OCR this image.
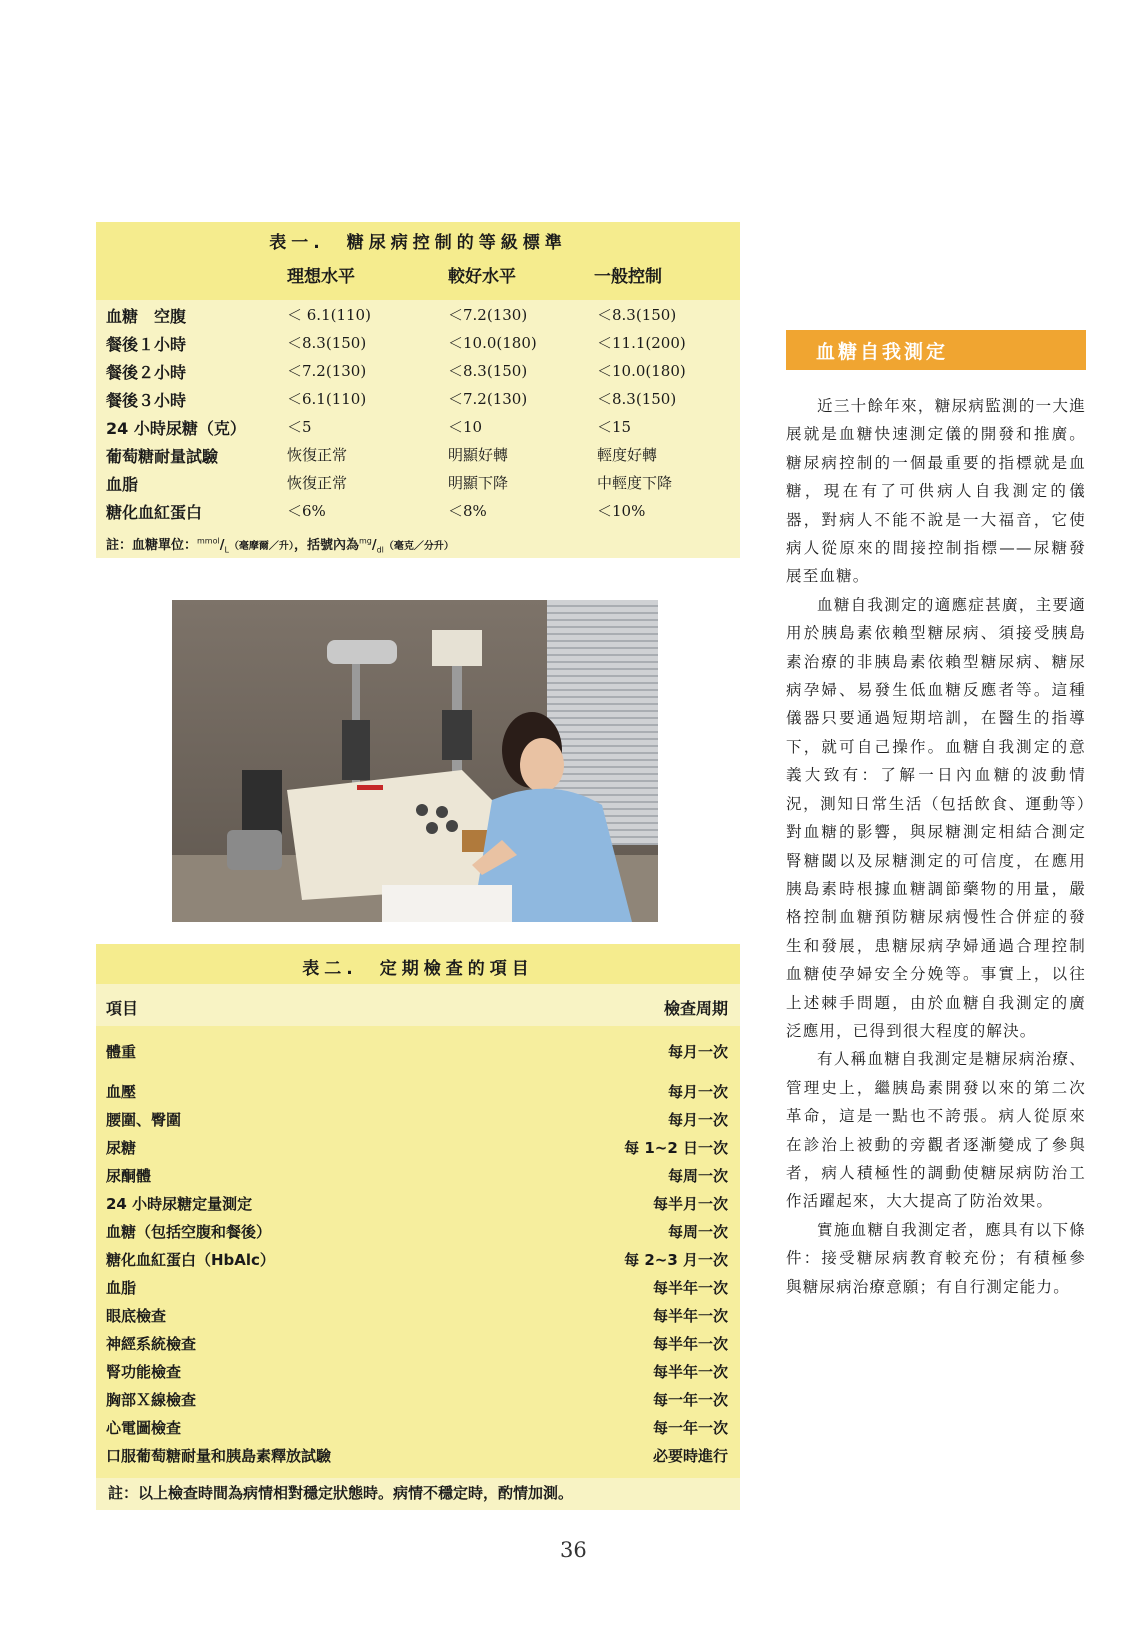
表一.　糖尿病控制的等級標準
理想水平	較好水平	一般控制
血糖　空腹	＜ 6.1(110)	＜7.2(130)	＜8.3(150)
餐後１小時	＜8.3(150)	＜10.0(180)	＜11.1(200)
餐後２小時	＜7.2(130)	＜8.3(150)	＜10.0(180)
餐後３小時	＜6.1(110)	＜7.2(130)	＜8.3(150)
24 小時尿糖（克）	＜5	＜10	＜15
葡萄糖耐量試驗	恢復正常	明顯好轉	輕度好轉
血脂	恢復正常	明顯下降	中輕度下降
糖化血紅蛋白	＜6%	＜8%	＜10%
註：血糖單位：$^{mmol}/_L$（毫摩爾／升），括號內為$^{mg}/_{dl}$（毫克／分升）
表二.　定期檢查的項目
項目	檢查周期
體重	每月一次
血壓	每月一次
腰圍、臀圍	每月一次
尿糖	每 1~2 日一次
尿酮體	每周一次
24 小時尿糖定量測定	每半月一次
血糖（包括空腹和餐後）	每周一次
糖化血紅蛋白（HbAlc）	每 2~3 月一次
血脂	每半年一次
眼底檢查	每半年一次
神經系統檢查	每半年一次
腎功能檢查	每半年一次
胸部Ｘ線檢查	每一年一次
心電圖檢查	每一年一次
口服葡萄糖耐量和胰島素釋放試驗	必要時進行
註：以上檢查時間為病情相對穩定狀態時。病情不穩定時，酌情加測。
血糖自我測定

近三十餘年來，糖尿病監測的一大進展就是血糖快速測定儀的開發和推廣。糖尿病控制的一個最重要的指標就是血糖，現在有了可供病人自我測定的儀器，對病人不能不說是一大福音，它使病人從原來的間接控制指標——尿糖發展至血糖。

血糖自我測定的適應症甚廣，主要適用於胰島素依賴型糖尿病、須接受胰島素治療的非胰島素依賴型糖尿病、糖尿病孕婦、易發生低血糖反應者等。這種儀器只要通過短期培訓，在醫生的指導下，就可自己操作。血糖自我測定的意義大致有：了解一日內血糖的波動情況，測知日常生活（包括飲食、運動等）對血糖的影響，與尿糖測定相結合測定腎糖閾以及尿糖測定的可信度，在應用胰島素時根據血糖調節藥物的用量，嚴格控制血糖預防糖尿病慢性合併症的發生和發展，患糖尿病孕婦通過合理控制血糖使孕婦安全分娩等。事實上，以往上述棘手問題，由於血糖自我測定的廣泛應用，已得到很大程度的解決。

有人稱血糖自我測定是糖尿病治療、管理史上，繼胰島素開發以來的第二次革命，這是一點也不誇張。病人從原來在診治上被動的旁觀者逐漸變成了參與者，病人積極性的調動使糖尿病防治工作活躍起來，大大提高了防治效果。

實施血糖自我測定者，應具有以下條件：接受糖尿病教育較充份；有積極參與糖尿病治療意願；有自行測定能力。

36
